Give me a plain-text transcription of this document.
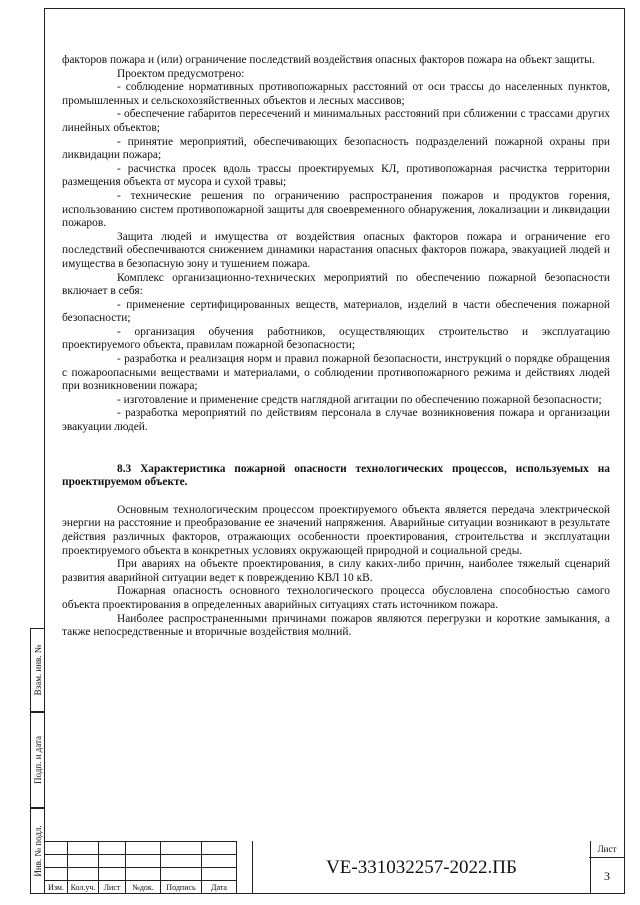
факторов пожара и (или) ограничение последствий воздействия опасных факторов пожара на объект защиты.

Проектом предусмотрено:

- соблюдение нормативных противопожарных расстояний от оси трассы до населенных пунктов, промышленных и сельскохозяйственных объектов и лесных массивов;

- обеспечение габаритов пересечений и минимальных расстояний при сближении с трассами других линейных объектов;

- принятие мероприятий, обеспечивающих безопасность подразделений пожарной охраны при ликвидации пожара;

- расчистка просек вдоль трассы проектируемых КЛ, противопожарная расчистка территории размещения объекта от мусора и сухой травы;

- технические решения по ограничению распространения пожаров и продуктов горения, использованию систем противопожарной защиты для своевременного обнаружения, локализации и ликвидации пожаров.

Защита людей и имущества от воздействия опасных факторов пожара и ограничение его последствий обеспечиваются снижением динамики нарастания опасных факторов пожара, эвакуацией людей и имущества в безопасную зону и тушением пожара.

Комплекс организационно-технических мероприятий по обеспечению пожарной безопасности включает в себя:

- применение сертифицированных веществ, материалов, изделий в части обеспечения пожарной безопасности;

- организация обучения работников, осуществляющих строительство и эксплуатацию проектируемого объекта, правилам пожарной безопасности;

- разработка и реализация норм и правил пожарной безопасности, инструкций о порядке обращения с пожароопасными веществами и материалами, о соблюдении противопожарного режима и действиях людей при возникновении пожара;

- изготовление и применение средств наглядной агитации по обеспечению пожарной безопасности;

- разработка мероприятий по действиям персонала в случае возникновения пожара и организации эвакуации людей.

8.3 Характеристика пожарной опасности технологических процессов, используемых на проектируемом объекте.

Основным технологическим процессом проектируемого объекта является передача электрической энергии на расстояние и преобразование ее значений напряжения. Аварийные ситуации возникают в результате действия различных факторов, отражающих особенности проектирования, строительства и эксплуатации проектируемого объекта в конкретных условиях окружающей природной и социальной среды.

При авариях на объекте проектирования, в силу каких-либо причин, наиболее тяжелый сценарий развития аварийной ситуации ведет к повреждению КВЛ 10 кВ.

Пожарная опасность основного технологического процесса обусловлена способностью самого объекта проектирования в определенных аварийных ситуациях стать источником пожара.

Наиболее распространенными причинами пожаров являются перегрузки и короткие замыкания, а также непосредственные и вторичные воздействия молний.

Взам. инв. №
Подп. и дата
Инв. № подл.

Изм.	Кол.уч.	Лист	№док.	Подпись	Дата
VE-331032257-2022.ПБ
Лист
3
